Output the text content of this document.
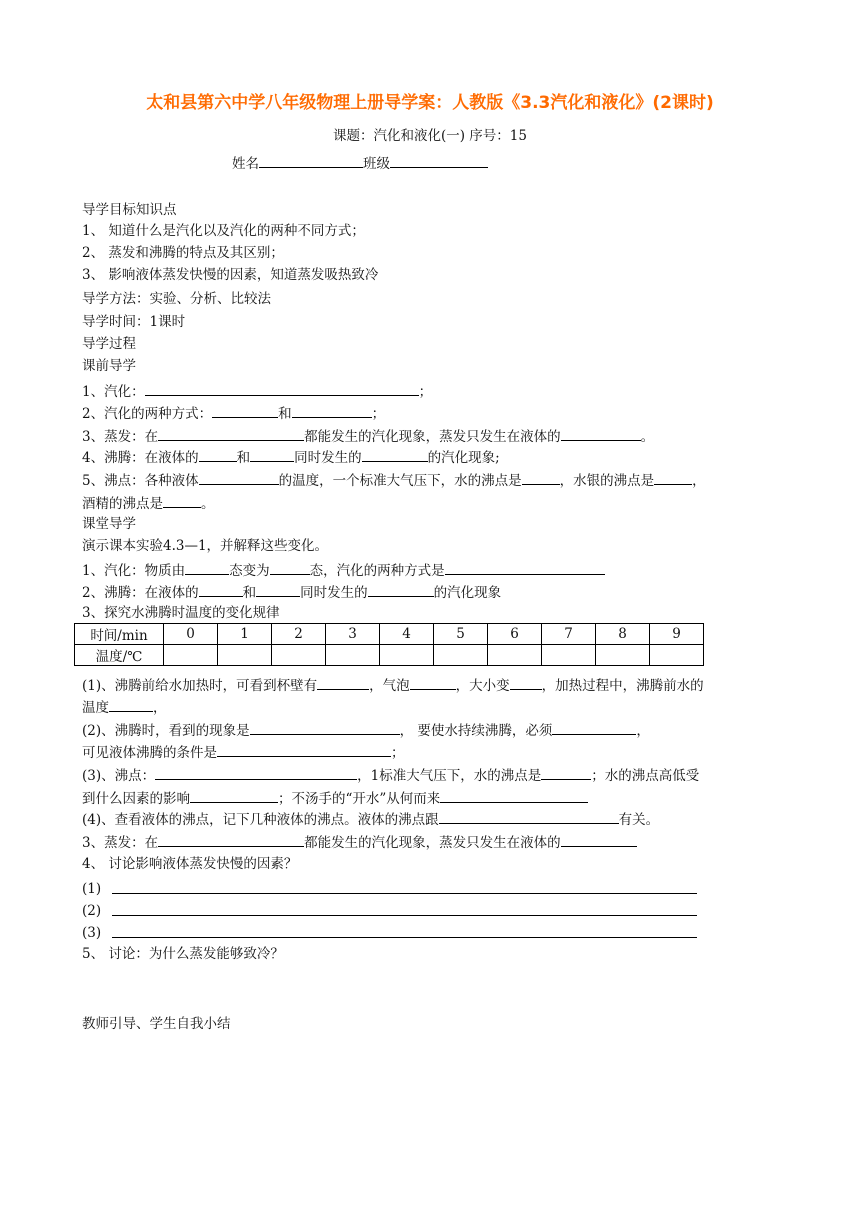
太和县第六中学八年级物理上册导学案：人教版《3.3汽化和液化》(2课时)
课题：汽化和液化(一) 序号：15
姓名	班级
导学目标知识点
1、 知道什么是汽化以及汽化的两种不同方式；
2、 蒸发和沸腾的特点及其区别；
3、 影响液体蒸发快慢的因素，知道蒸发吸热致冷
导学方法：实验、分析、比较法
导学时间：1课时
导学过程
课前导学
1、汽化：	；
2、汽化的两种方式：	和	；
3、蒸发：在	都能发生的汽化现象，蒸发只发生在液体的	。
4、沸腾：在液体的	和	同时发生的	的汽化现象;
5、沸点：各种液体	的温度，一个标准大气压下，水的沸点是	，水银的沸点是	，
酒精的沸点是	。
课堂导学
演示课本实验4.3—1，并解释这些变化。
1、汽化：物质由	态变为	态，汽化的两种方式是
2、沸腾：在液体的	和	同时发生的	的汽化现象
3、探究水沸腾时温度的变化规律
时间/min	0	1	2	3	4	5	6	7	8	9
温度/℃										
(1)、沸腾前给水加热时，可看到杯壁有	，气泡	，大小变 ，加热过程中，沸腾前水的
温度	，
(2)、沸腾时，看到的现象是	， 要使水持续沸腾，必须	，
可见液体沸腾的条件是	；
(3)、沸点：	，1标准大气压下，水的沸点是	；水的沸点高低受
到什么因素的影响	；不汤手的“开水”从何而来
(4)、查看液体的沸点，记下几种液体的沸点。液体的沸点跟	有关。
3、蒸发：在	都能发生的汽化现象，蒸发只发生在液体的
4、 讨论影响液体蒸发快慢的因素？
(1)
(2)
(3)
5、 讨论：为什么蒸发能够致冷？
教师引导、学生自我小结
